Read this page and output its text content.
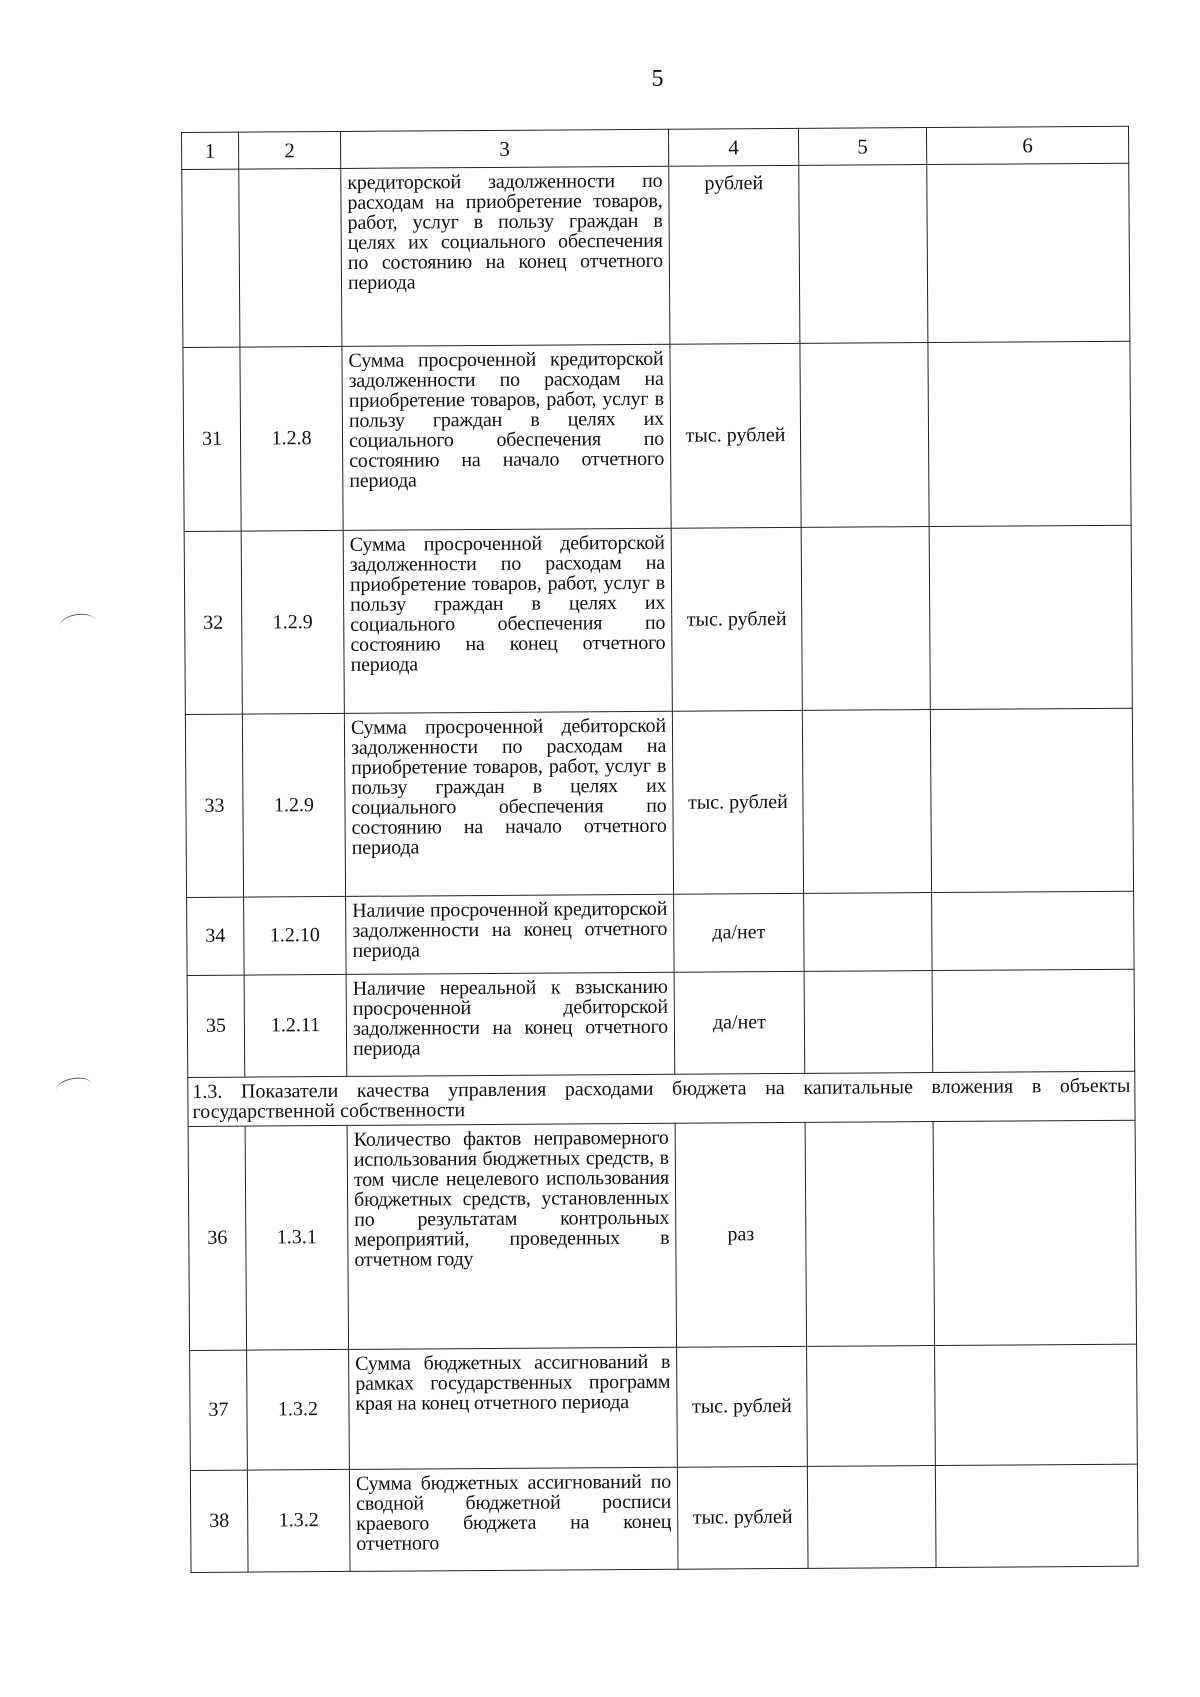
5
1	2	3	4	5	6
		кредиторской задолженности по расходам на приобретение товаров, работ, услуг в пользу граждан в целях их социального обеспечения по состоянию на конец отчетного периода	рублей		
31	1.2.8	Сумма просроченной кредиторской задолженности по расходам на приобретение товаров, работ, услуг в пользу граждан в целях их социального обеспечения по состоянию на начало отчетного периода	тыс. рублей		
32	1.2.9	Сумма просроченной дебиторской задолженности по расходам на приобретение товаров, работ, услуг в пользу граждан в целях их социального обеспечения по состоянию на конец отчетного периода	тыс. рублей		
33	1.2.9	Сумма просроченной дебиторской задолженности по расходам на приобретение товаров, работ, услуг в пользу граждан в целях их социального обеспечения по состоянию на начало отчетного периода	тыс. рублей		
34	1.2.10	Наличие просроченной кредиторской задолженности на конец отчетного периода	да/нет		
35	1.2.11	Наличие нереальной к взысканию просроченной дебиторской задолженности на конец отчетного периода	да/нет		
1.3. Показатели качества управления расходами бюджета на капитальные вложения в объекты государственной собственности					
36	1.3.1	Количество фактов неправомерного использования бюджетных средств, в том числе нецелевого использования бюджетных средств, установленных по результатам контрольных мероприятий, проведенных в отчетном году	раз		
37	1.3.2	Сумма бюджетных ассигнований в рамках государственных программ края на конец отчетного периода	тыс. рублей		
38	1.3.2	Сумма бюджетных ассигнований по сводной бюджетной росписи краевого бюджета на конец отчетного	тыс. рублей		
